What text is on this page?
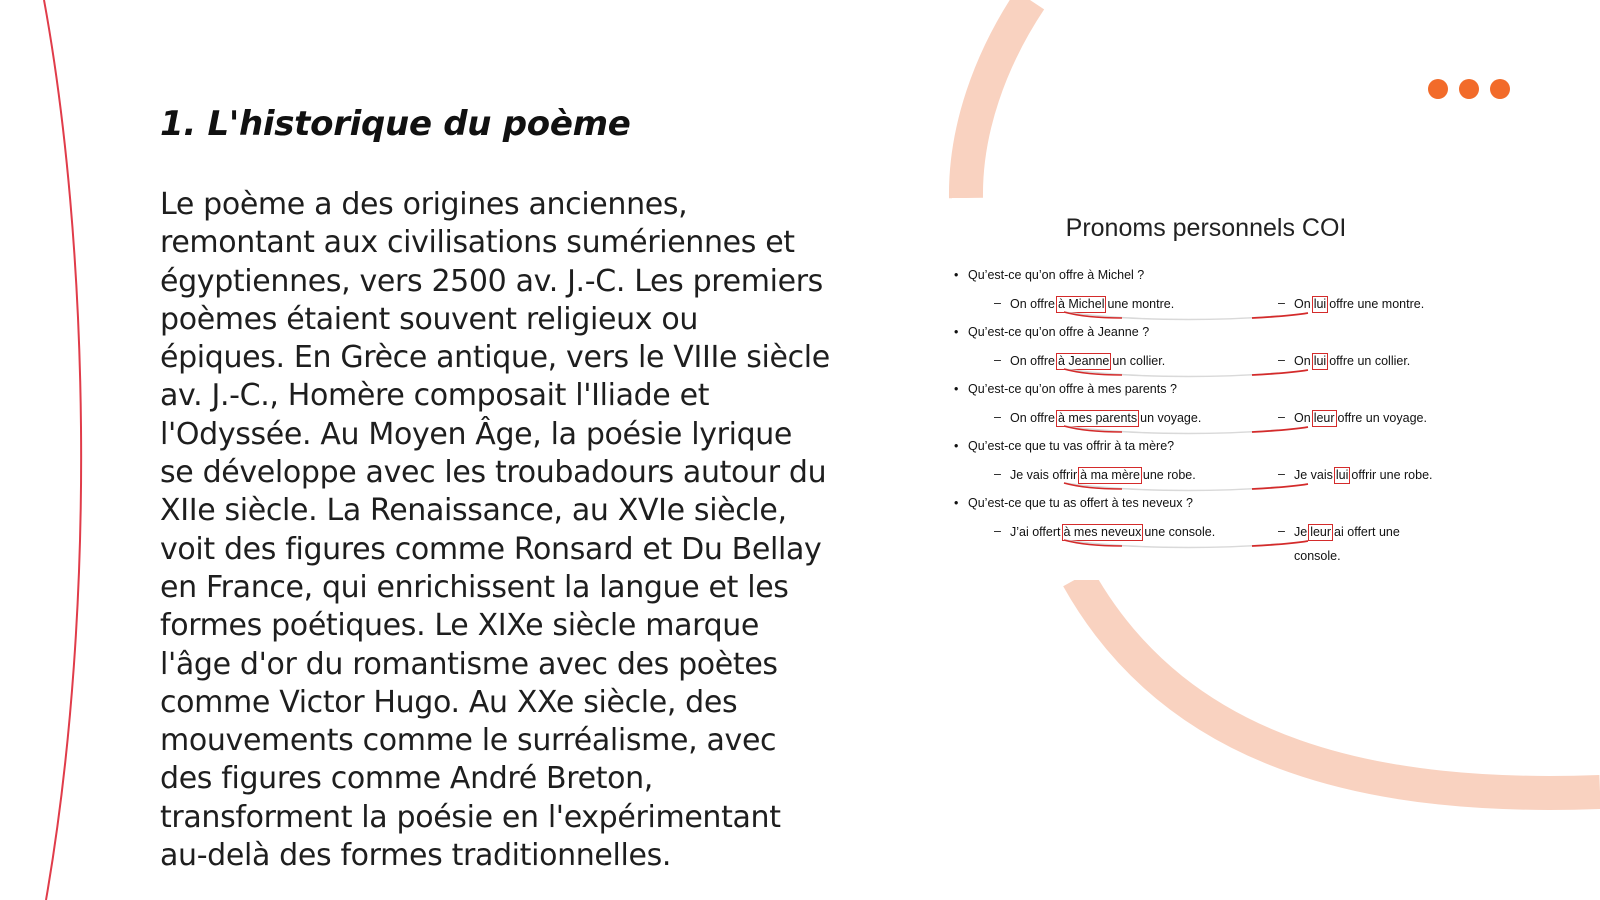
1. L'historique du poème
Le poème a des origines anciennes,
remontant aux civilisations sumériennes et
égyptiennes, vers 2500 av. J.-C. Les premiers
poèmes étaient souvent religieux ou
épiques. En Grèce antique, vers le VIIIe siècle
av. J.-C., Homère composait l'Iliade et
l'Odyssée. Au Moyen Âge, la poésie lyrique
se développe avec les troubadours autour du
XIIe siècle. La Renaissance, au XVIe siècle,
voit des figures comme Ronsard et Du Bellay
en France, qui enrichissent la langue et les
formes poétiques. Le XIXe siècle marque
l'âge d'or du romantisme avec des poètes
comme Victor Hugo. Au XXe siècle, des
mouvements comme le surréalisme, avec
des figures comme André Breton,
transforment la poésie en l'expérimentant
au-delà des formes traditionnelles.
Pronoms personnels COI
• Qu’est-ce qu’on offre à Michel ?
– On offre à Michel une montre.	– On lui offre une montre.
• Qu’est-ce qu’on offre à Jeanne ?
– On offre à Jeanne un collier.	– On lui offre un collier.
• Qu’est-ce qu’on offre à mes parents ?
– On offre à mes parents un voyage.	– On leur offre un voyage.
• Qu’est-ce que tu vas offrir à ta mère?
– Je vais offrir à ma mère une robe.	– Je vais lui offrir une robe.
• Qu’est-ce que tu as offert à tes neveux ?
– J’ai offert à mes neveux une console.	– Je leur ai offert une
console.
